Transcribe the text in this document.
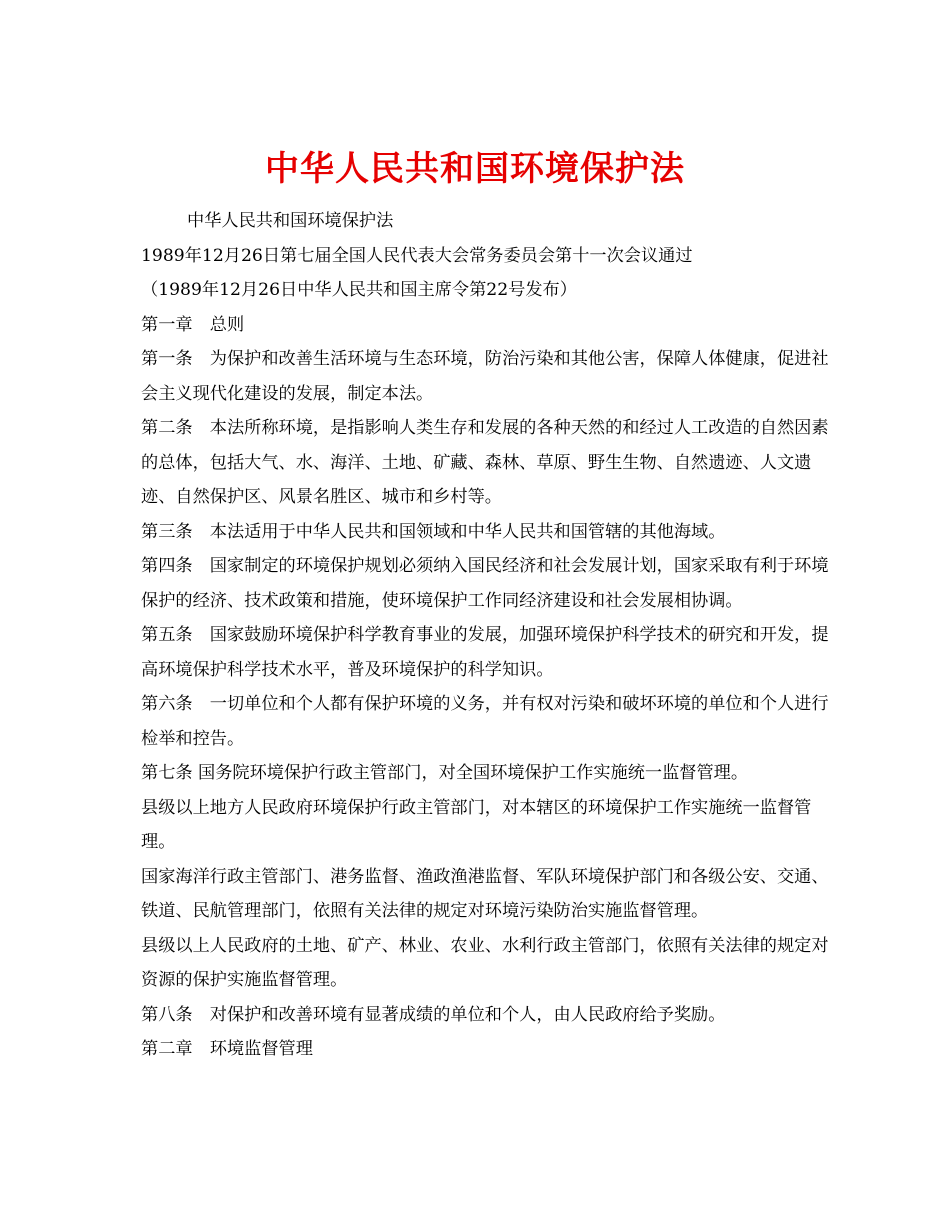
中华人民共和国环境保护法

中华人民共和国环境保护法

1989年12月26日第七届全国人民代表大会常务委员会第十一次会议通过

（1989年12月26日中华人民共和国主席令第22号发布）

第一章　总则

第一条　为保护和改善生活环境与生态环境，防治污染和其他公害，保障人体健康，促进社会主义现代化建设的发展，制定本法。

第二条　本法所称环境，是指影响人类生存和发展的各种天然的和经过人工改造的自然因素的总体，包括大气、水、海洋、土地、矿藏、森林、草原、野生生物、自然遗迹、人文遗迹、自然保护区、风景名胜区、城市和乡村等。

第三条　本法适用于中华人民共和国领域和中华人民共和国管辖的其他海域。

第四条　国家制定的环境保护规划必须纳入国民经济和社会发展计划，国家采取有利于环境保护的经济、技术政策和措施，使环境保护工作同经济建设和社会发展相协调。

第五条　国家鼓励环境保护科学教育事业的发展，加强环境保护科学技术的研究和开发，提高环境保护科学技术水平，普及环境保护的科学知识。

第六条　一切单位和个人都有保护环境的义务，并有权对污染和破坏环境的单位和个人进行检举和控告。

第七条 国务院环境保护行政主管部门，对全国环境保护工作实施统一监督管理。

县级以上地方人民政府环境保护行政主管部门，对本辖区的环境保护工作实施统一监督管理。

国家海洋行政主管部门、港务监督、渔政渔港监督、军队环境保护部门和各级公安、交通、铁道、民航管理部门，依照有关法律的规定对环境污染防治实施监督管理。

县级以上人民政府的土地、矿产、林业、农业、水利行政主管部门，依照有关法律的规定对资源的保护实施监督管理。

第八条　对保护和改善环境有显著成绩的单位和个人，由人民政府给予奖励。

第二章　环境监督管理
